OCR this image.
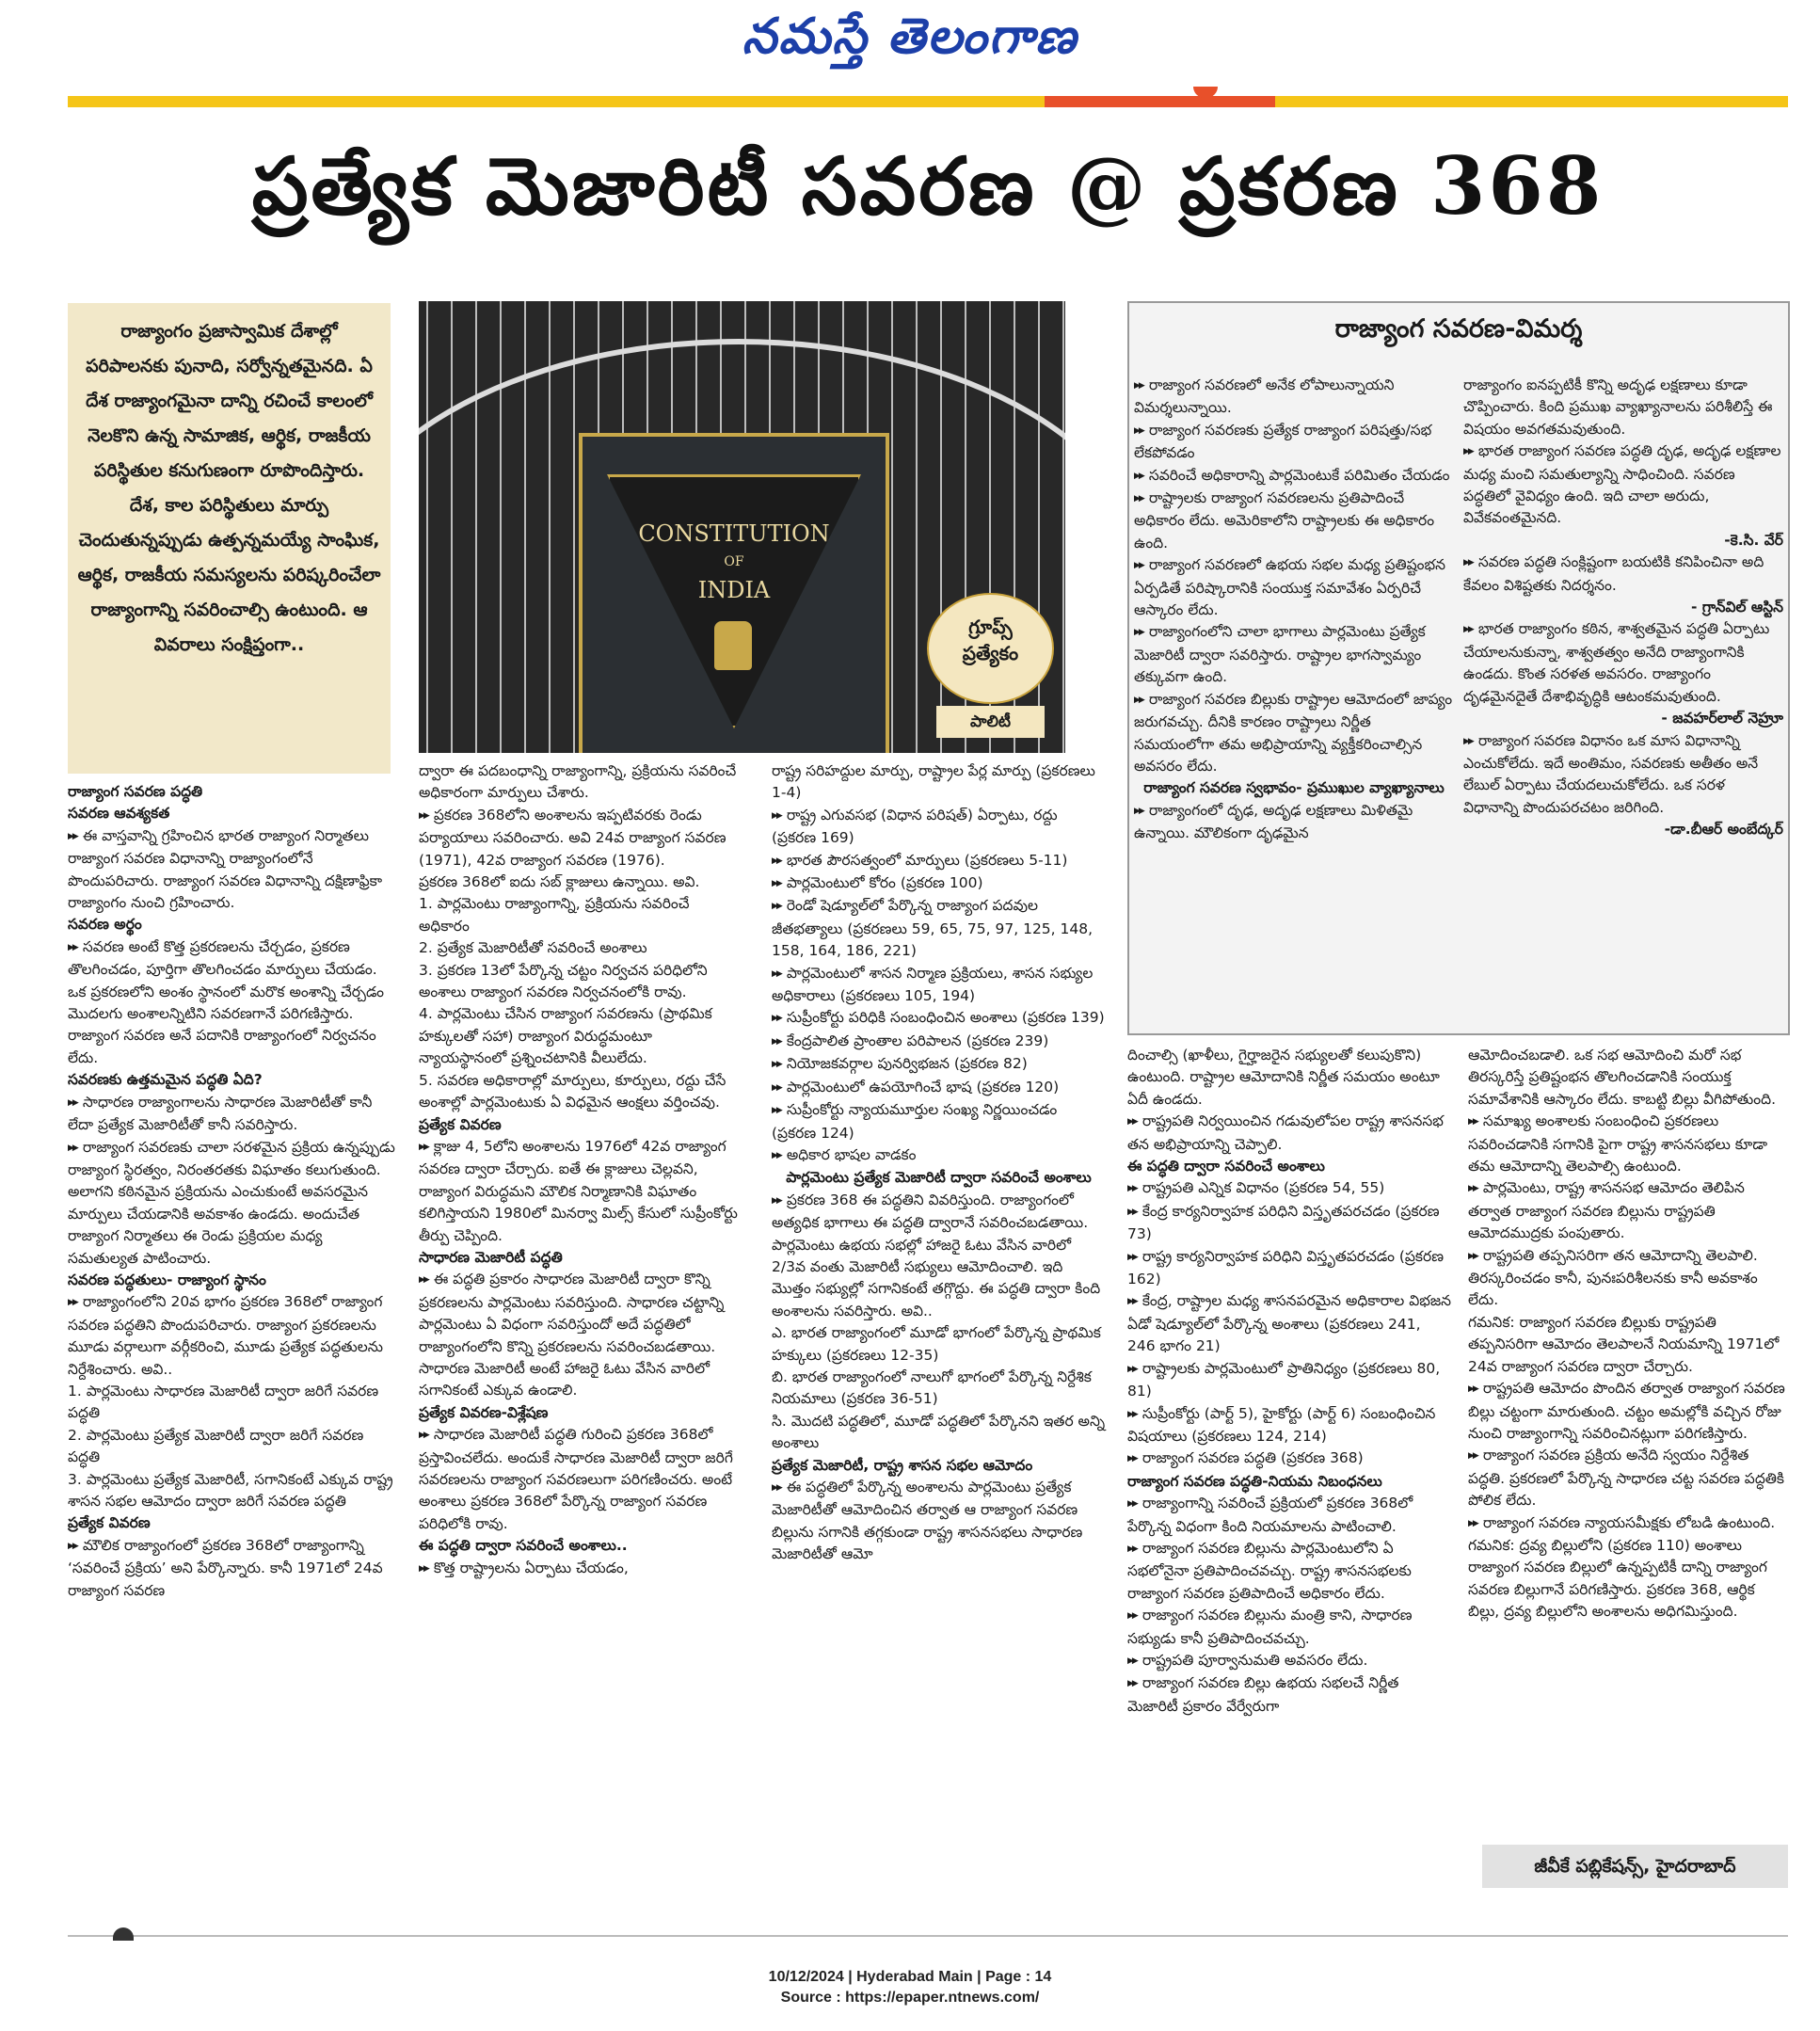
నమస్తే తెలంగాణ
ప్రత్యేక మెజారిటీ సవరణ @ ప్రకరణ 368
రాజ్యాంగం ప్రజాస్వామిక దేశాల్లో పరిపాలనకు పునాది, సర్వోన్నతమైనది. ఏ దేశ రాజ్యాంగమైనా దాన్ని రచించే కాలంలో నెలకొని ఉన్న సామాజిక, ఆర్థిక, రాజకీయ పరిస్థితుల కనుగుణంగా రూపొందిస్తారు. దేశ, కాల పరిస్థితులు మార్పు చెందుతున్నప్పుడు ఉత్పన్నమయ్యే సాంఘిక, ఆర్థిక, రాజకీయ సమస్యలను పరిష్కరించేలా రాజ్యాంగాన్ని సవరించాల్సి ఉంటుంది. ఆ వివరాలు సంక్షిప్తంగా..
CONSTITUTION
OF
INDIA
గ్రూప్స్
ప్రత్యేకం
పాలిటీ
రాజ్యాంగ సవరణ-విమర్శ

రాజ్యాంగ సవరణ పద్ధతి

సవరణ ఆవశ్యకత

▶▶ ఈ వాస్తవాన్ని గ్రహించిన భారత రాజ్యాంగ నిర్మాతలు రాజ్యాంగ సవరణ విధానాన్ని రాజ్యాంగంలోనే పొందుపరిచారు. రాజ్యాంగ సవరణ విధానాన్ని దక్షిణాఫ్రికా రాజ్యాంగం నుంచి గ్రహించారు.

సవరణ అర్థం

▶▶ సవరణ అంటే కొత్త ప్రకరణలను చేర్చడం, ప్రకరణ తొలగించడం, పూర్తిగా తొలగించడం మార్పులు చేయడం. ఒక ప్రకరణలోని అంశం స్థానంలో మరొక అంశాన్ని చేర్చడం మొదలగు అంశాలన్నిటిని సవరణగానే పరిగణిస్తారు. రాజ్యాంగ సవరణ అనే పదానికి రాజ్యాంగంలో నిర్వచనం లేదు.

సవరణకు ఉత్తమమైన పద్ధతి ఏది?

▶▶ సాధారణ రాజ్యాంగాలను సాధారణ మెజారిటీతో కానీ లేదా ప్రత్యేక మెజారిటీతో కానీ సవరిస్తారు.

▶▶ రాజ్యాంగ సవరణకు చాలా సరళమైన ప్రక్రియ ఉన్నప్పుడు రాజ్యాంగ స్థిరత్వం, నిరంతరతకు విఘాతం కలుగుతుంది. అలాగని కఠినమైన ప్రక్రియను ఎంచుకుంటే అవసరమైన మార్పులు చేయడానికి అవకాశం ఉండదు. అందుచేత రాజ్యాంగ నిర్మాతలు ఈ రెండు ప్రక్రియల మధ్య సమతుల్యత పాటించారు.

సవరణ పద్ధతులు- రాజ్యాంగ స్థానం

▶▶ రాజ్యాంగంలోని 20వ భాగం ప్రకరణ 368లో రాజ్యాంగ సవరణ పద్ధతిని పొందుపరిచారు. రాజ్యాంగ ప్రకరణలను మూడు వర్గాలుగా వర్గీకరించి, మూడు ప్రత్యేక పద్ధతులను నిర్దేశించారు. అవి..

1. పార్లమెంటు సాధారణ మెజారిటీ ద్వారా జరిగే సవరణ పద్ధతి

2. పార్లమెంటు ప్రత్యేక మెజారిటీ ద్వారా జరిగే సవరణ పద్ధతి

3. పార్లమెంటు ప్రత్యేక మెజారిటీ, సగానికంటే ఎక్కువ రాష్ట్ర శాసన సభల ఆమోదం ద్వారా జరిగే సవరణ పద్ధతి

ప్రత్యేక వివరణ

▶▶ మౌలిక రాజ్యాంగంలో ప్రకరణ 368లో రాజ్యాంగాన్ని ‘సవరించే ప్రక్రియ’ అని పేర్కొన్నారు. కానీ 1971లో 24వ రాజ్యాంగ సవరణ

ద్వారా ఈ పదబంధాన్ని రాజ్యాంగాన్ని, ప్రక్రియను సవరించే అధికారంగా మార్పులు చేశారు.

▶▶ ప్రకరణ 368లోని అంశాలను ఇప్పటివరకు రెండు పర్యాయాలు సవరించారు. అవి 24వ రాజ్యాంగ సవరణ (1971), 42వ రాజ్యాంగ సవరణ (1976).

ప్రకరణ 368లో ఐదు సబ్ క్లాజులు ఉన్నాయి. అవి.

1. పార్లమెంటు రాజ్యాంగాన్ని, ప్రక్రియను సవరించే అధికారం

2. ప్రత్యేక మెజారిటీతో సవరించే అంశాలు

3. ప్రకరణ 13లో పేర్కొన్న చట్టం నిర్వచన పరిధిలోని అంశాలు రాజ్యాంగ సవరణ నిర్వచనంలోకి రావు.

4. పార్లమెంటు చేసిన రాజ్యాంగ సవరణను (ప్రాథమిక హక్కులతో సహా) రాజ్యాంగ విరుద్ధమంటూ న్యాయస్థానంలో ప్రశ్నించటానికి వీలులేదు.

5. సవరణ అధికారాల్లో మార్పులు, కూర్పులు, రద్దు చేసే అంశాల్లో పార్లమెంటుకు ఏ విధమైన ఆంక్షలు వర్తించవు.

ప్రత్యేక వివరణ

▶▶ క్లాజు 4, 5లోని అంశాలను 1976లో 42వ రాజ్యాంగ సవరణ ద్వారా చేర్చారు. ఐతే ఈ క్లాజులు చెల్లవని, రాజ్యాంగ విరుద్ధమని మౌలిక నిర్మాణానికి విఘాతం కలిగిస్తాయని 1980లో మినర్వా మిల్స్ కేసులో సుప్రీంకోర్టు తీర్పు చెప్పింది.

సాధారణ మెజారిటీ పద్ధతి

▶▶ ఈ పద్ధతి ప్రకారం సాధారణ మెజారిటీ ద్వారా కొన్ని ప్రకరణలను పార్లమెంటు సవరిస్తుంది. సాధారణ చట్టాన్ని పార్లమెంటు ఏ విధంగా సవరిస్తుందో అదే పద్ధతిలో రాజ్యాంగంలోని కొన్ని ప్రకరణలను సవరించబడతాయి. సాధారణ మెజారిటీ అంటే హాజరై ఓటు వేసిన వారిలో సగానికంటే ఎక్కువ ఉండాలి.

ప్రత్యేక వివరణ-విశ్లేషణ

▶▶ సాధారణ మెజారిటీ పద్ధతి గురించి ప్రకరణ 368లో ప్రస్తావించలేదు. అందుకే సాధారణ మెజారిటీ ద్వారా జరిగే సవరణలను రాజ్యాంగ సవరణలుగా పరిగణించరు. అంటే అంశాలు ప్రకరణ 368లో పేర్కొన్న రాజ్యాంగ సవరణ పరిధిలోకి రావు.

ఈ పద్ధతి ద్వారా సవరించే అంశాలు..

▶▶ కొత్త రాష్ట్రాలను ఏర్పాటు చేయడం,

రాష్ట్ర సరిహద్దుల మార్పు, రాష్ట్రాల పేర్ల మార్పు (ప్రకరణలు 1-4)

▶▶ రాష్ట్ర ఎగువసభ (విధాన పరిషత్) ఏర్పాటు, రద్దు (ప్రకరణ 169)

▶▶ భారత పౌరసత్వంలో మార్పులు (ప్రకరణలు 5-11)

▶▶ పార్లమెంటులో కోరం (ప్రకరణ 100)

▶▶ రెండో షెడ్యూల్‌లో పేర్కొన్న రాజ్యాంగ పదవుల జీతభత్యాలు (ప్రకరణలు 59, 65, 75, 97, 125, 148, 158, 164, 186, 221)

▶▶ పార్లమెంటులో శాసన నిర్మాణ ప్రక్రియలు, శాసన సభ్యుల అధికారాలు (ప్రకరణలు 105, 194)

▶▶ సుప్రీంకోర్టు పరిధికి సంబంధించిన అంశాలు (ప్రకరణ 139)

▶▶ కేంద్రపాలిత ప్రాంతాల పరిపాలన (ప్రకరణ 239)

▶▶ నియోజకవర్గాల పునర్విభజన (ప్రకరణ 82)

▶▶ పార్లమెంటులో ఉపయోగించే భాష (ప్రకరణ 120)

▶▶ సుప్రీంకోర్టు న్యాయమూర్తుల సంఖ్య నిర్ణయించడం (ప్రకరణ 124)

▶▶ అధికార భాషల వాడకం

పార్లమెంటు ప్రత్యేక మెజారిటీ ద్వారా సవరించే అంశాలు

▶▶ ప్రకరణ 368 ఈ పద్ధతిని వివరిస్తుంది. రాజ్యాంగంలో అత్యధిక భాగాలు ఈ పద్ధతి ద్వారానే సవరించబడతాయి. పార్లమెంటు ఉభయ సభల్లో హాజరై ఓటు వేసిన వారిలో 2/3వ వంతు మెజారిటీ సభ్యులు ఆమోదించాలి. ఇది మొత్తం సభ్యుల్లో సగానికంటే తగ్గొద్దు. ఈ పద్ధతి ద్వారా కింది అంశాలను సవరిస్తారు. అవి..

ఎ. భారత రాజ్యాంగంలో మూడో భాగంలో పేర్కొన్న ప్రాథమిక హక్కులు (ప్రకరణలు 12-35)

బి. భారత రాజ్యాంగంలో నాలుగో భాగంలో పేర్కొన్న నిర్దేశిక నియమాలు (ప్రకరణ 36-51)

సి. మొదటి పద్ధతిలో, మూడో పద్ధతిలో పేర్కొనని ఇతర అన్ని అంశాలు

ప్రత్యేక మెజారిటీ, రాష్ట్ర శాసన సభల ఆమోదం

▶▶ ఈ పద్ధతిలో పేర్కొన్న అంశాలను పార్లమెంటు ప్రత్యేక మెజారిటీతో ఆమోదించిన తర్వాత ఆ రాజ్యాంగ సవరణ బిల్లును సగానికి తగ్గకుండా రాష్ట్ర శాసనసభలు సాధారణ మెజారిటీతో ఆమో

▶▶ రాజ్యాంగ సవరణలో అనేక లోపాలున్నాయని విమర్శలున్నాయి.

▶▶ రాజ్యాంగ సవరణకు ప్రత్యేక రాజ్యాంగ పరిషత్తు/సభ లేకపోవడం

▶▶ సవరించే అధికారాన్ని పార్లమెంటుకే పరిమితం చేయడం

▶▶ రాష్ట్రాలకు రాజ్యాంగ సవరణలను ప్రతిపాదించే అధికారం లేదు. అమెరికాలోని రాష్ట్రాలకు ఈ అధికారం ఉంది.

▶▶ రాజ్యాంగ సవరణలో ఉభయ సభల మధ్య ప్రతిష్టంభన ఏర్పడితే పరిష్కారానికి సంయుక్త సమావేశం ఏర్పరిచే ఆస్కారం లేదు.

▶▶ రాజ్యాంగంలోని చాలా భాగాలు పార్లమెంటు ప్రత్యేక మెజారిటీ ద్వారా సవరిస్తారు. రాష్ట్రాల భాగస్వామ్యం తక్కువగా ఉంది.

▶▶ రాజ్యాంగ సవరణ బిల్లుకు రాష్ట్రాల ఆమోదంలో జాప్యం జరుగవచ్చు. దీనికి కారణం రాష్ట్రాలు నిర్ణీత సమయంలోగా తమ అభిప్రాయాన్ని వ్యక్తీకరించాల్సిన అవసరం లేదు.

రాజ్యాంగ సవరణ స్వభావం- ప్రముఖుల వ్యాఖ్యానాలు

▶▶ రాజ్యాంగంలో దృఢ, అదృఢ లక్షణాలు మిళితమై ఉన్నాయి. మౌలికంగా దృఢమైన

రాజ్యాంగం ఐనప్పటికీ కొన్ని అదృఢ లక్షణాలు కూడా చొప్పించారు. కింది ప్రముఖ వ్యాఖ్యానాలను పరిశీలిస్తే ఈ విషయం అవగతమవుతుంది.

▶▶ భారత రాజ్యాంగ సవరణ పద్ధతి దృఢ, అదృఢ లక్షణాల మధ్య మంచి సమతుల్యాన్ని సాధించింది. సవరణ పద్ధతిలో వైవిధ్యం ఉంది. ఇది చాలా అరుదు, వివేకవంతమైనది.

-కె.సి. వేర్

▶▶ సవరణ పద్ధతి సంక్లిష్టంగా బయటికి కనిపించినా అది కేవలం విశిష్టతకు నిదర్శనం.

- గ్రాన్‌విల్ ఆస్టిన్

▶▶ భారత రాజ్యాంగం కఠిన, శాశ్వతమైన పద్ధతి ఏర్పాటు చేయాలనుకున్నా, శాశ్వతత్వం అనేది రాజ్యాంగానికి ఉండదు. కొంత సరళత అవసరం. రాజ్యాంగం దృఢమైనదైతే దేశాభివృద్ధికి ఆటంకమవుతుంది.

- జవహర్‌లాల్ నెహ్రూ

▶▶ రాజ్యాంగ సవరణ విధానం ఒక మాస విధానాన్ని ఎంచుకోలేదు. ఇదే అంతిమం, సవరణకు అతీతం అనే లేబుల్ ఏర్పాటు చేయదలుచుకోలేదు. ఒక సరళ విధానాన్ని పొందుపరచటం జరిగింది.

-డా.బీఆర్ అంబేద్కర్

దించాల్సి (ఖాళీలు, గైర్హాజరైన సభ్యులతో కలుపుకొని) ఉంటుంది. రాష్ట్రాల ఆమోదానికి నిర్ణీత సమయం అంటూ ఏదీ ఉండదు.

▶▶ రాష్ట్రపతి నిర్వయించిన గడువులోపల రాష్ట్ర శాసనసభ తన అభిప్రాయాన్ని చెప్పాలి.

ఈ పద్ధతి ద్వారా సవరించే అంశాలు

▶▶ రాష్ట్రపతి ఎన్నిక విధానం (ప్రకరణ 54, 55)

▶▶ కేంద్ర కార్యనిర్వాహక పరిధిని విస్తృతపరచడం (ప్రకరణ 73)

▶▶ రాష్ట్ర కార్యనిర్వాహక పరిధిని విస్తృతపరచడం (ప్రకరణ 162)

▶▶ కేంద్ర, రాష్ట్రాల మధ్య శాసనపరమైన అధికారాల విభజన ఏడో షెడ్యూల్‌లో పేర్కొన్న అంశాలు (ప్రకరణలు 241, 246 భాగం 21)

▶▶ రాష్ట్రాలకు పార్లమెంటులో ప్రాతినిధ్యం (ప్రకరణలు 80, 81)

▶▶ సుప్రీంకోర్టు (పార్ట్ 5), హైకోర్టు (పార్ట్ 6) సంబంధించిన విషయాలు (ప్రకరణలు 124, 214)

▶▶ రాజ్యాంగ సవరణ పద్ధతి (ప్రకరణ 368)

రాజ్యాంగ సవరణ పద్ధతి-నియమ నిబంధనలు

▶▶ రాజ్యాంగాన్ని సవరించే ప్రక్రియలో ప్రకరణ 368లో పేర్కొన్న విధంగా కింది నియమాలను పాటించాలి.

▶▶ రాజ్యాంగ సవరణ బిల్లును పార్లమెంటులోని ఏ సభలోనైనా ప్రతిపాదించవచ్చు. రాష్ట్ర శాసనసభలకు రాజ్యాంగ సవరణ ప్రతిపాదించే అధికారం లేదు.

▶▶ రాజ్యాంగ సవరణ బిల్లును మంత్రి కాని, సాధారణ సభ్యుడు కానీ ప్రతిపాదించవచ్చు.

▶▶ రాష్ట్రపతి పూర్వానుమతి అవసరం లేదు.

▶▶ రాజ్యాంగ సవరణ బిల్లు ఉభయ సభలచే నిర్ణీత మెజారిటీ ప్రకారం వేర్వేరుగా

ఆమోదించబడాలి. ఒక సభ ఆమోదించి మరో సభ తిరస్కరిస్తే ప్రతిష్టంభన తొలగించడానికి సంయుక్త సమావేశానికి ఆస్కారం లేదు. కాబట్టి బిల్లు వీగిపోతుంది.

▶▶ సమాఖ్య అంశాలకు సంబంధించి ప్రకరణలు సవరించడానికి సగానికి పైగా రాష్ట్ర శాసనసభలు కూడా తమ ఆమోదాన్ని తెలపాల్సి ఉంటుంది.

▶▶ పార్లమెంటు, రాష్ట్ర శాసనసభ ఆమోదం తెలిపిన తర్వాత రాజ్యాంగ సవరణ బిల్లును రాష్ట్రపతి ఆమోదముద్రకు పంపుతారు.

▶▶ రాష్ట్రపతి తప్పనిసరిగా తన ఆమోదాన్ని తెలపాలి. తిరస్కరించడం కానీ, పునఃపరిశీలనకు కానీ అవకాశం లేదు.

గమనిక: రాజ్యాంగ సవరణ బిల్లుకు రాష్ట్రపతి తప్పనిసరిగా ఆమోదం తెలపాలనే నియమాన్ని 1971లో 24వ రాజ్యాంగ సవరణ ద్వారా చేర్చారు.

▶▶ రాష్ట్రపతి ఆమోదం పొందిన తర్వాత రాజ్యాంగ సవరణ బిల్లు చట్టంగా మారుతుంది. చట్టం అమల్లోకి వచ్చిన రోజు నుంచి రాజ్యాంగాన్ని సవరించినట్లుగా పరిగణిస్తారు.

▶▶ రాజ్యాంగ సవరణ ప్రక్రియ అనేది స్వయం నిర్దేశిత పద్ధతి. ప్రకరణలో పేర్కొన్న సాధారణ చట్ట సవరణ పద్ధతికి పోలిక లేదు.

▶▶ రాజ్యాంగ సవరణ న్యాయసమీక్షకు లోబడి ఉంటుంది.

గమనిక: ద్రవ్య బిల్లులోని (ప్రకరణ 110) అంశాలు రాజ్యాంగ సవరణ బిల్లులో ఉన్నప్పటికీ దాన్ని రాజ్యాంగ సవరణ బిల్లుగానే పరిగణిస్తారు. ప్రకరణ 368, ఆర్థిక బిల్లు, ద్రవ్య బిల్లులోని అంశాలను అధిగమిస్తుంది.

జీవీకే పబ్లికేషన్స్, హైదరాబాద్
10/12/2024 | Hyderabad Main | Page : 14
Source : https://epaper.ntnews.com/
